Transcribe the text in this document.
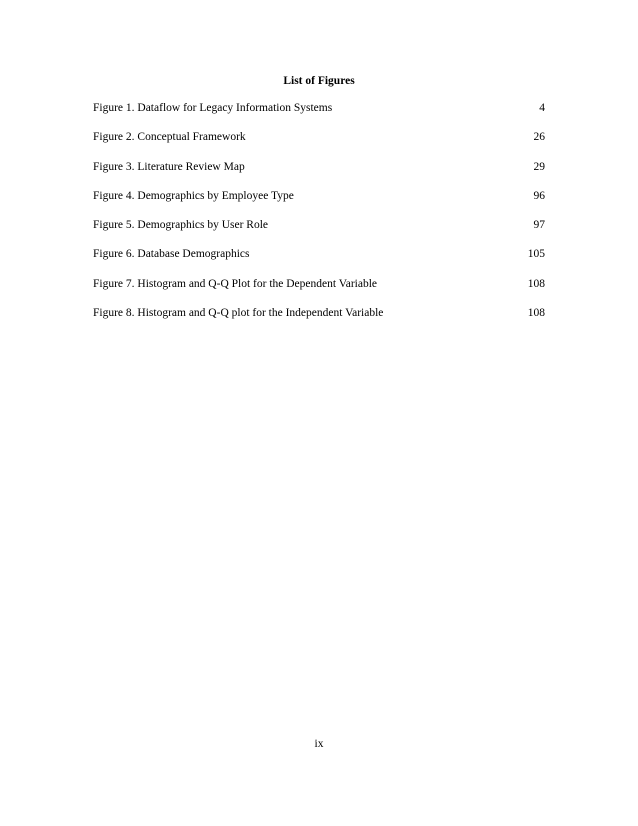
List of Figures
Figure 1. Dataflow for Legacy Information Systems	4
Figure 2. Conceptual Framework	26
Figure 3. Literature Review Map	29
Figure 4. Demographics by Employee Type	96
Figure 5. Demographics by User Role	97
Figure 6. Database Demographics	105
Figure 7. Histogram and Q-Q Plot for the Dependent Variable	108
Figure 8. Histogram and Q-Q plot for the Independent Variable	108
ix
